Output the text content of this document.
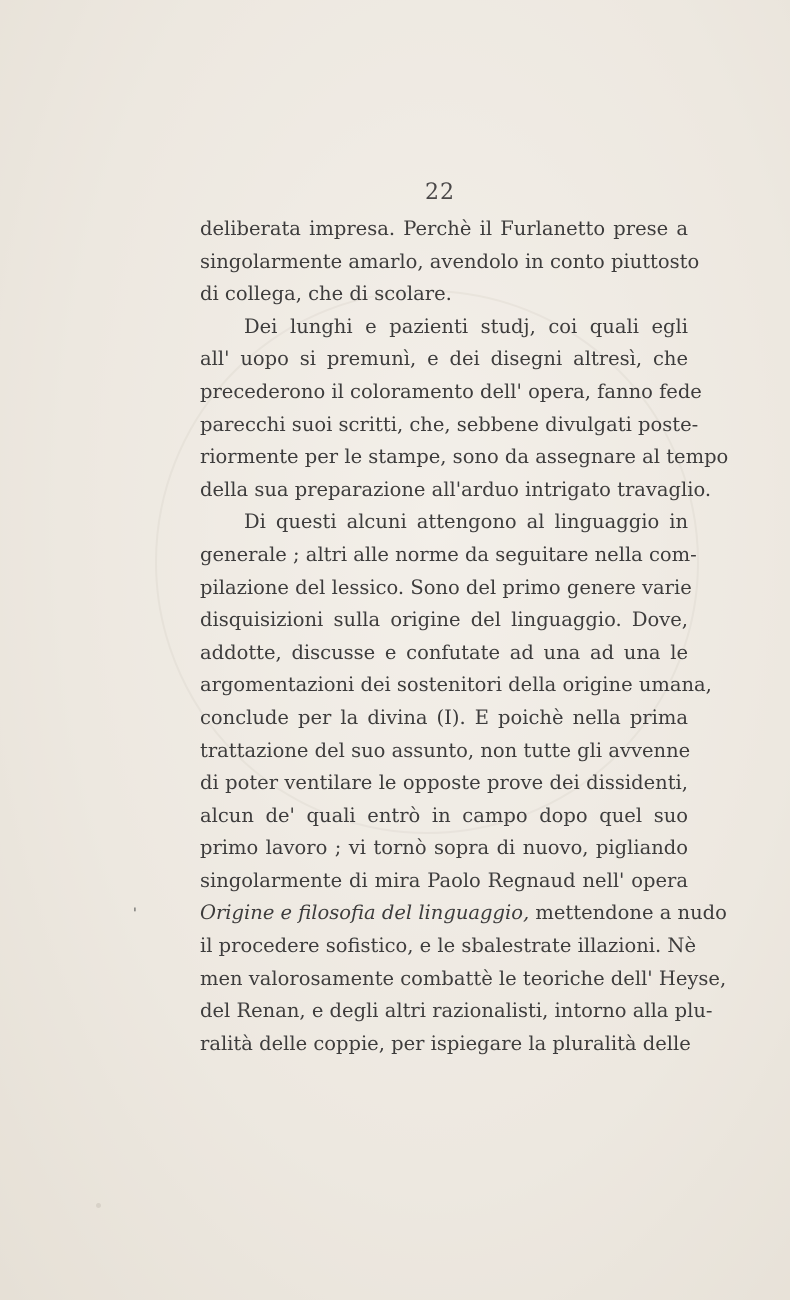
22
deliberata impresa. Perchè il Furlanetto prese a
singolarmente amarlo, avendolo in conto piuttosto
di collega, che di scolare.
Dei lunghi e pazienti studj, coi quali egli
all' uopo si premunì, e dei disegni altresì, che
precederono il coloramento dell' opera, fanno fede
parecchi suoi scritti, che, sebbene divulgati poste-
riormente per le stampe, sono da assegnare al tempo
della sua preparazione all'arduo intrigato travaglio.
Di questi alcuni attengono al linguaggio in
generale ; altri alle norme da seguitare nella com-
pilazione del lessico. Sono del primo genere varie
disquisizioni sulla origine del linguaggio. Dove,
addotte, discusse e confutate ad una ad una le
argomentazioni dei sostenitori della origine umana,
conclude per la divina (I). E poichè nella prima
trattazione del suo assunto, non tutte gli avvenne
di poter ventilare le opposte prove dei dissidenti,
alcun de' quali entrò in campo dopo quel suo
primo lavoro ; vi tornò sopra di nuovo, pigliando
singolarmente di mira Paolo Regnaud nell' opera
Origine e filosofia del linguaggio, mettendone a nudo
il procedere sofistico, e le sbalestrate illazioni. Nè
men valorosamente combattè le teoriche dell' Heyse,
del Renan, e degli altri razionalisti, intorno alla plu-
ralità delle coppie, per ispiegare la pluralità delle
'
